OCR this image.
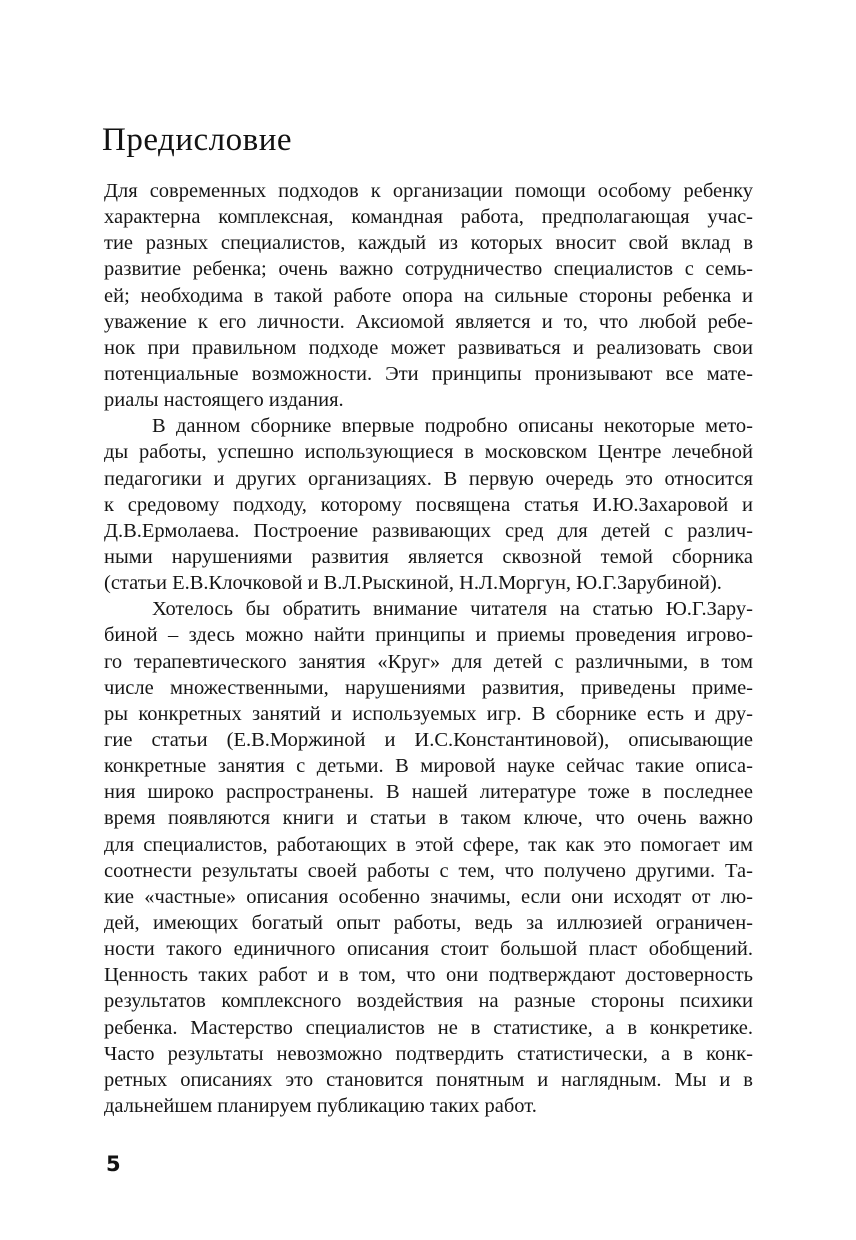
Предисловие
Для современных подходов к организации помощи особому ребенку
характерна комплексная, командная работа, предполагающая учас-
тие разных специалистов, каждый из которых вносит свой вклад в
развитие ребенка; очень важно сотрудничество специалистов с семь-
ей; необходима в такой работе опора на сильные стороны ребенка и
уважение к его личности. Аксиомой является и то, что любой ребе-
нок при правильном подходе может развиваться и реализовать свои
потенциальные возможности. Эти принципы пронизывают все мате-
риалы настоящего издания.
В данном сборнике впервые подробно описаны некоторые мето-
ды работы, успешно использующиеся в московском Центре лечебной
педагогики и других организациях. В первую очередь это относится
к средовому подходу, которому посвящена статья И.Ю.Захаровой и
Д.В.Ермолаева. Построение развивающих сред для детей с различ-
ными нарушениями развития является сквозной темой сборника
(статьи Е.В.Клочковой и В.Л.Рыскиной, Н.Л.Моргун, Ю.Г.Зарубиной).
Хотелось бы обратить внимание читателя на статью Ю.Г.Зару-
биной – здесь можно найти принципы и приемы проведения игрово-
го терапевтического занятия «Круг» для детей с различными, в том
числе множественными, нарушениями развития, приведены приме-
ры конкретных занятий и используемых игр. В сборнике есть и дру-
гие статьи (Е.В.Моржиной и И.С.Константиновой), описывающие
конкретные занятия с детьми. В мировой науке сейчас такие описа-
ния широко распространены. В нашей литературе тоже в последнее
время появляются книги и статьи в таком ключе, что очень важно
для специалистов, работающих в этой сфере, так как это помогает им
соотнести результаты своей работы с тем, что получено другими. Та-
кие «частные» описания особенно значимы, если они исходят от лю-
дей, имеющих богатый опыт работы, ведь за иллюзией ограничен-
ности такого единичного описания стоит большой пласт обобщений.
Ценность таких работ и в том, что они подтверждают достоверность
результатов комплексного воздействия на разные стороны психики
ребенка. Мастерство специалистов не в статистике, а в конкретике.
Часто результаты невозможно подтвердить статистически, а в конк-
ретных описаниях это становится понятным и наглядным. Мы и в
дальнейшем планируем публикацию таких работ.
5
